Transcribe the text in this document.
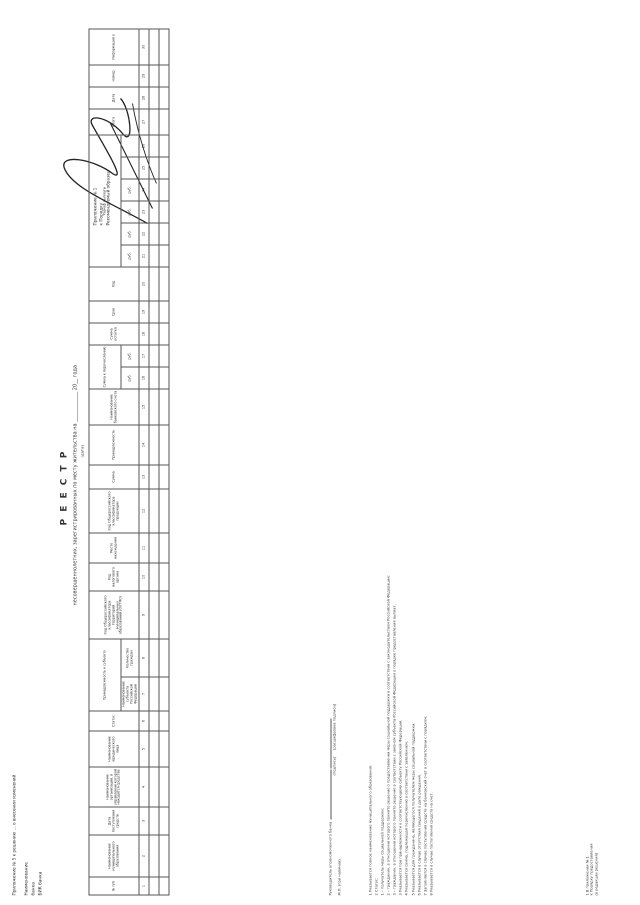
Приложение № 5 к решению … о внесении изменений
Приложение № 1 к Порядку Рекомендуемый образец
Наименование банка БИК банка
Р Е Е С Т Р несовершеннолетних, зарегистрированных по месту жительства на ____________ 20__ года (дата)
№ п/п	Наименование муниципального образования	Дата поступления средств	Наименование организации, в управлении которой находятся средства	Наименование юридического лица	Статус	Принадлежность к субъекту		Код Общероссийского классификатора территорий муниципальных образований (ОКТМО)	Код налогового органа	Место нахождения	Код Общероссийского классификатора продукции	Сумма	Принадлежность	Наименование банковского счета	Сумма к перечислению		Сумма остатка	Срок	Код	Размер выплаты						Итого	Дата	Номер	Информация о
						Наименование субъекта Российской Федерации	Количество граждан								руб.	руб.				руб.	руб.	руб.	руб.						
1	2	3	4	5	6	7	8	9	10	11	12	13	14	15	16	17	18	19	20	21	22	23	24	25	26	27	28	29	30

Руководитель уполномоченного банка
(подпись)      (расшифровка подписи)
М.П. (при наличии)	1 Указывается полное наименование муниципального образования. 2 Статус: 1 – получатель меры социальной поддержки; 2 – гражданин, в отношении которого принято решение о предоставлении меры социальной поддержки в соответствии с законодательством Российской Федерации; 3 – гражданин, в отношении которого принято решение в соответствии с законом субъекта Российской Федерации о порядке предоставления выплат. 3 Указывается при принадлежности к соответствующему субъекту Российской Федерации. 4 Указывается сумма, подлежащая перечислению в соответствии с заявлением. 5 Указывается для гражданина, являющегося получателем меры социальной поддержки. 6 Указывается в случае отсутствия сведений о дате рождения. 7 Заполняется в случае поступления средств на банковский счет в соответствии с порядком. 8 Указывается в случае поступления средств на счет.	1 В приложении № 1 к Порядку предоставления (в редакции решения)
